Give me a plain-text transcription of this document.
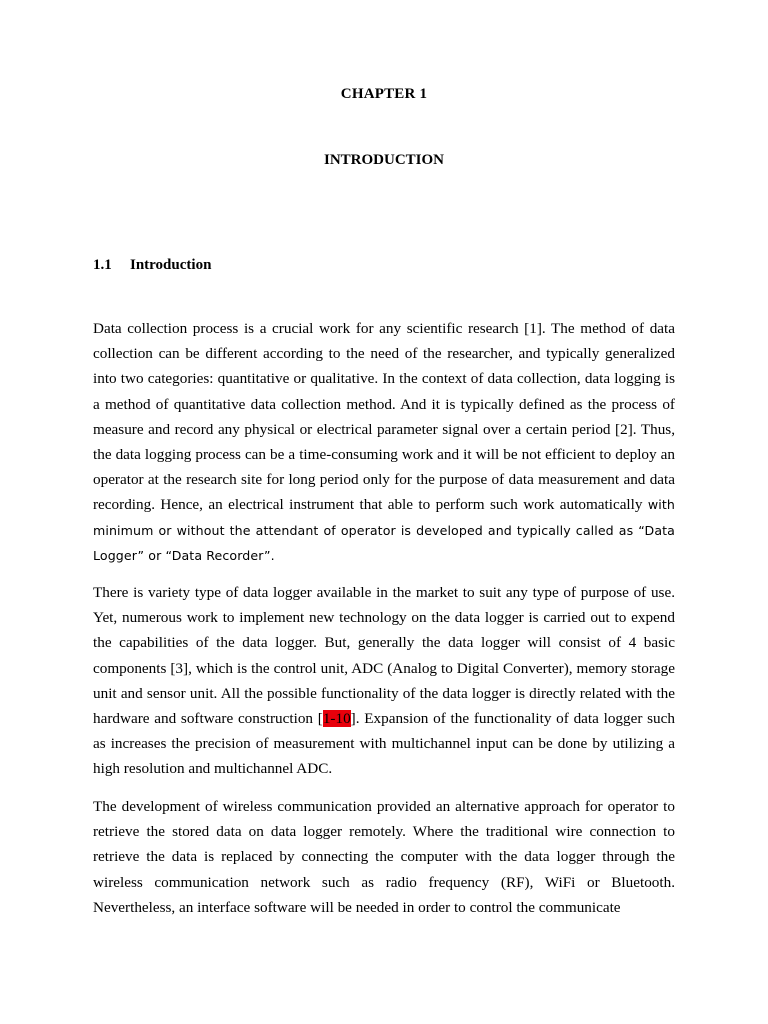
CHAPTER 1
INTRODUCTION
1.1 Introduction

Data collection process is a crucial work for any scientific research [1]. The method of data collection can be different according to the need of the researcher, and typically generalized into two categories: quantitative or qualitative. In the context of data collection, data logging is a method of quantitative data collection method. And it is typically defined as the process of measure and record any physical or electrical parameter signal over a certain period [2]. Thus, the data logging process can be a time-consuming work and it will be not efficient to deploy an operator at the research site for long period only for the purpose of data measurement and data recording. Hence, an electrical instrument that able to perform such work automatically with minimum or without the attendant of operator is developed and typically called as “Data Logger” or “Data Recorder”.

There is variety type of data logger available in the market to suit any type of purpose of use. Yet, numerous work to implement new technology on the data logger is carried out to expend the capabilities of the data logger. But, generally the data logger will consist of 4 basic components [3], which is the control unit, ADC (Analog to Digital Converter), memory storage unit and sensor unit. All the possible functionality of the data logger is directly related with the hardware and software construction [1-10]. Expansion of the functionality of data logger such as increases the precision of measurement with multichannel input can be done by utilizing a high resolution and multichannel ADC.

The development of wireless communication provided an alternative approach for operator to retrieve the stored data on data logger remotely. Where the traditional wire connection to retrieve the data is replaced by connecting the computer with the data logger through the wireless communication network such as radio frequency (RF), WiFi or Bluetooth. Nevertheless, an interface software will be needed in order to control the communicate
